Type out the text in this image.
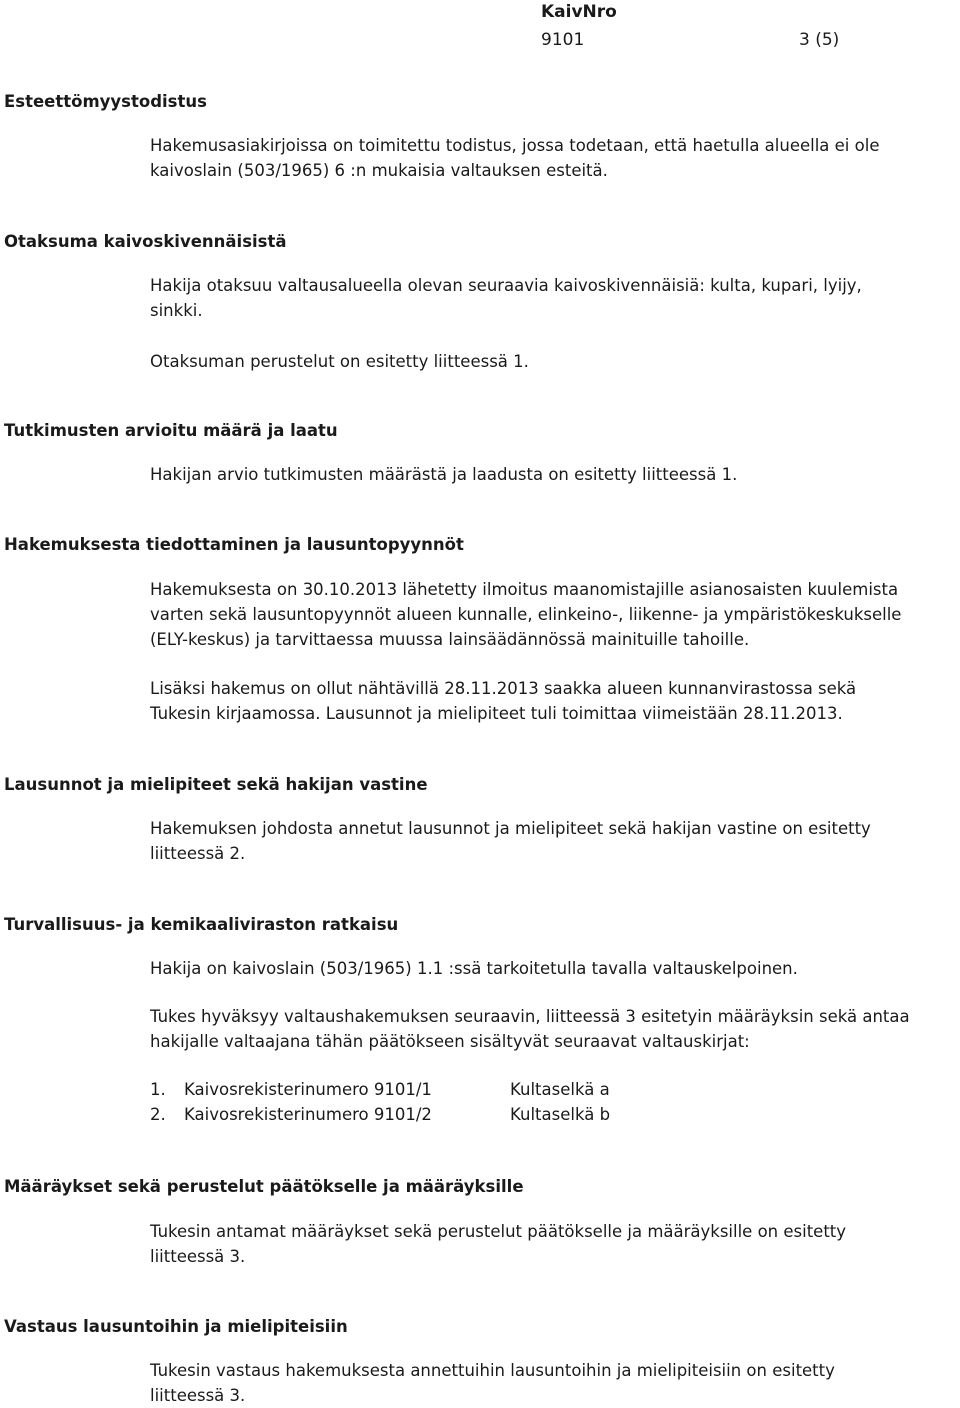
KaivNro
9101	3 (5)
Esteettömyystodistus
Hakemusasiakirjoissa on toimitettu todistus, jossa todetaan, että haetulla alueella ei ole
kaivoslain (503/1965) 6 :n mukaisia valtauksen esteitä.
Otaksuma kaivoskivennäisistä
Hakija otaksuu valtausalueella olevan seuraavia kaivoskivennäisiä: kulta, kupari, lyijy,
sinkki.
Otaksuman perustelut on esitetty liitteessä 1.
Tutkimusten arvioitu määrä ja laatu
Hakijan arvio tutkimusten määrästä ja laadusta on esitetty liitteessä 1.
Hakemuksesta tiedottaminen ja lausuntopyynnöt
Hakemuksesta on 30.10.2013 lähetetty ilmoitus maanomistajille asianosaisten kuulemista
varten sekä lausuntopyynnöt alueen kunnalle, elinkeino-, liikenne- ja ympäristökeskukselle
(ELY-keskus) ja tarvittaessa muussa lainsäädännössä mainituille tahoille.
Lisäksi hakemus on ollut nähtävillä 28.11.2013 saakka alueen kunnanvirastossa sekä
Tukesin kirjaamossa. Lausunnot ja mielipiteet tuli toimittaa viimeistään 28.11.2013.
Lausunnot ja mielipiteet sekä hakijan vastine
Hakemuksen johdosta annetut lausunnot ja mielipiteet sekä hakijan vastine on esitetty
liitteessä 2.
Turvallisuus- ja kemikaaliviraston ratkaisu
Hakija on kaivoslain (503/1965) 1.1 :ssä tarkoitetulla tavalla valtauskelpoinen.
Tukes hyväksyy valtaushakemuksen seuraavin, liitteessä 3 esitetyin määräyksin sekä antaa
hakijalle valtaajana tähän päätökseen sisältyvät seuraavat valtauskirjat:
1. Kaivosrekisterinumero 9101/1	Kultaselkä a
2. Kaivosrekisterinumero 9101/2	Kultaselkä b
Määräykset sekä perustelut päätökselle ja määräyksille
Tukesin antamat määräykset sekä perustelut päätökselle ja määräyksille on esitetty
liitteessä 3.
Vastaus lausuntoihin ja mielipiteisiin
Tukesin vastaus hakemuksesta annettuihin lausuntoihin ja mielipiteisiin on esitetty
liitteessä 3.
